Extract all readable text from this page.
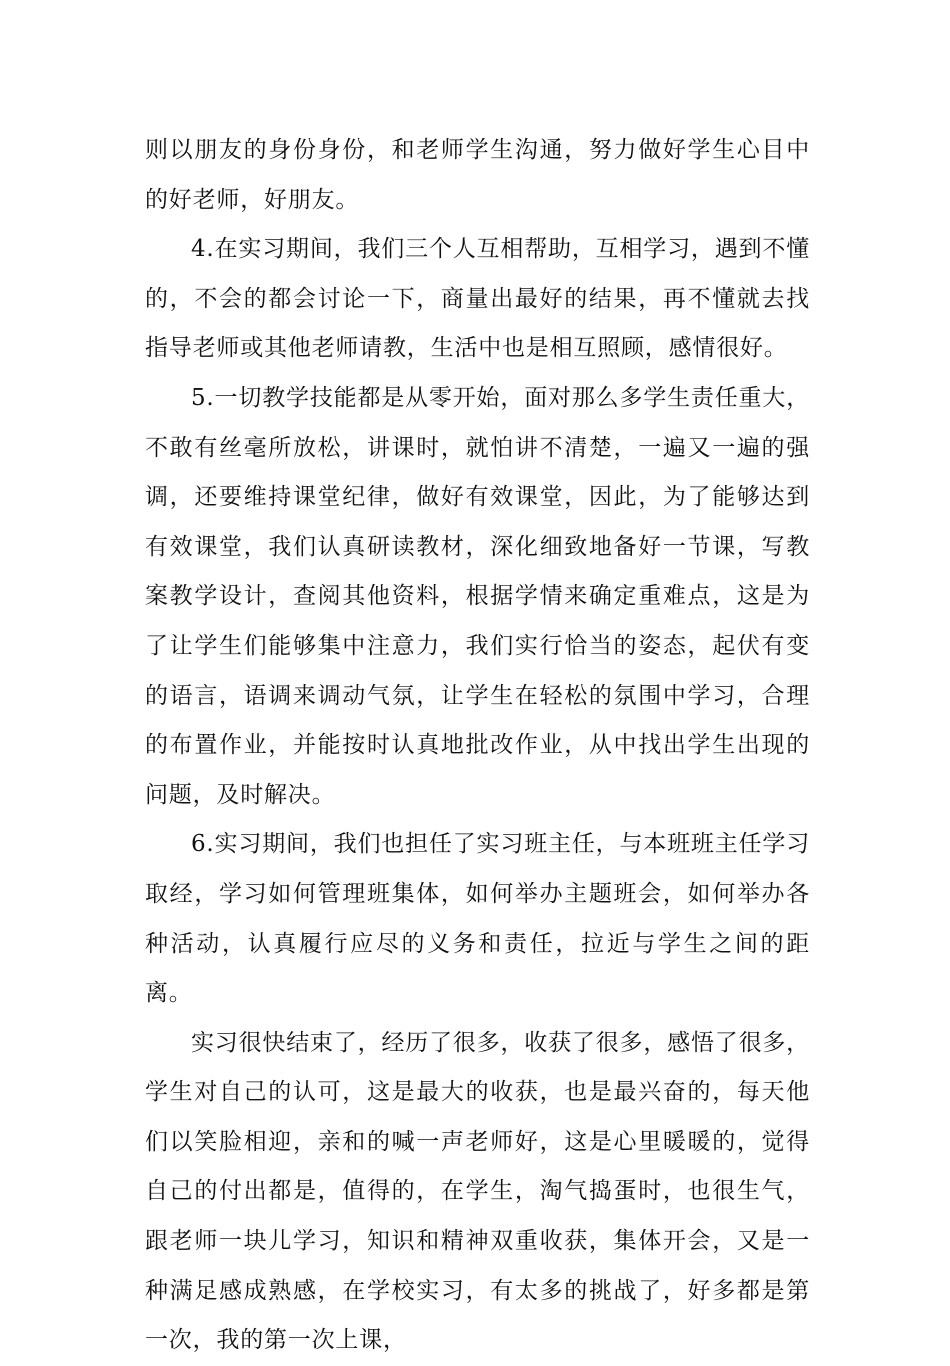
则以朋友的身份身份，和老师学生沟通，努力做好学生心目中的好老师，好朋友。

4.在实习期间，我们三个人互相帮助，互相学习，遇到不懂的，不会的都会讨论一下，商量出最好的结果，再不懂就去找指导老师或其他老师请教，生活中也是相互照顾，感情很好。

5.一切教学技能都是从零开始，面对那么多学生责任重大，不敢有丝毫所放松，讲课时，就怕讲不清楚，一遍又一遍的强调，还要维持课堂纪律，做好有效课堂，因此，为了能够达到有效课堂，我们认真研读教材，深化细致地备好一节课，写教案教学设计，查阅其他资料，根据学情来确定重难点，这是为了让学生们能够集中注意力，我们实行恰当的姿态，起伏有变的语言，语调来调动气氛，让学生在轻松的氛围中学习，合理的布置作业，并能按时认真地批改作业，从中找出学生出现的问题，及时解决。

6.实习期间，我们也担任了实习班主任，与本班班主任学习取经，学习如何管理班集体，如何举办主题班会，如何举办各种活动，认真履行应尽的义务和责任，拉近与学生之间的距离。

实习很快结束了，经历了很多，收获了很多，感悟了很多，学生对自己的认可，这是最大的收获，也是最兴奋的，每天他们以笑脸相迎，亲和的喊一声老师好，这是心里暖暖的，觉得自己的付出都是，值得的，在学生，淘气捣蛋时，也很生气，跟老师一块儿学习，知识和精神双重收获，集体开会，又是一种满足感成熟感，在学校实习，有太多的挑战了，好多都是第一次，我的第一次上课，
